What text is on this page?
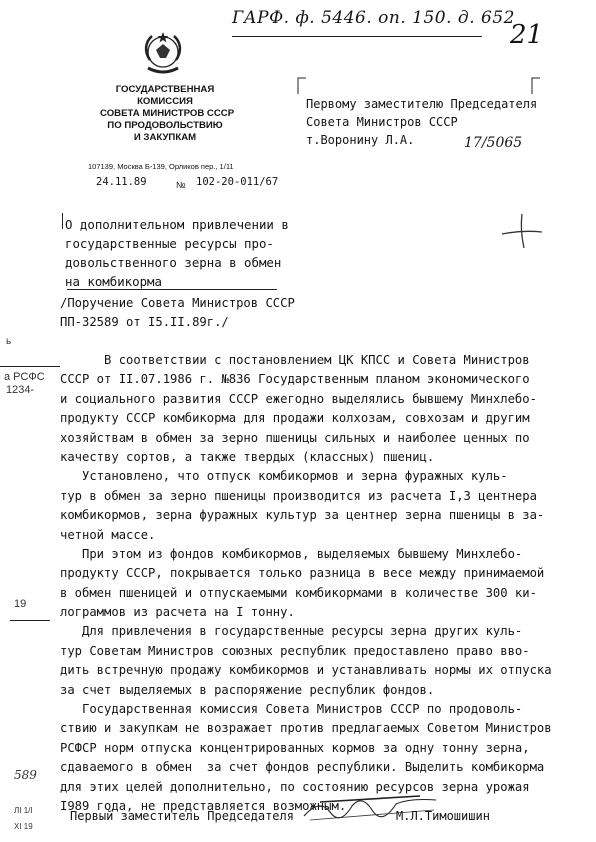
ГАРФ. ф. 5446. оп. 150. д. 652
21
ГОСУДАРСТВЕННАЯ
КОМИССИЯ
СОВЕТА МИНИСТРОВ СССР
ПО ПРОДОВОЛЬСТВИЮ
И ЗАКУПКАМ
107139, Москва Б-139, Орликов пер., 1/11
24.11.89	№ 102-20-011/67
Первому заместителю Председателя
Совета Министров СССР
т.Воронину Л.А.	17/5065
О дополнительном привлечении в
государственные ресурсы про-
довольственного зерна в обмен
на комбикорма
/Поручение Совета Министров СССР
ПП-32589 от I5.II.89г./
ь
а РСФС
1234-
19
589
ЛI 1/I
XI 19
В соответствии с постановлением ЦК КПСС и Совета Министров
СССР от II.07.1986 г. №836 Государственным планом экономического
и социального развития СССР ежегодно выделялись бывшему Минхлебо-
продукту СССР комбикорма для продажи колхозам, совхозам и другим
хозяйствам в обмен за зерно пшеницы сильных и наиболее ценных по
качеству сортов, а также твердых (классных) пшениц.
Установлено, что отпуск комбикормов и зерна фуражных куль-
тур в обмен за зерно пшеницы производится из расчета I,3 центнера
комбикормов, зерна фуражных культур за центнер зерна пшеницы в за-
четной массе.
При этом из фондов комбикормов, выделяемых бывшему Минхлебо-
продукту СССР, покрывается только разница в весе между принимаемой
в обмен пшеницей и отпускаемыми комбикормами в количестве 300 ки-
лограммов из расчета на I тонну.
Для привлечения в государственные ресурсы зерна других куль-
тур Советам Министров союзных республик предоставлено право вво-
дить встречную продажу комбикормов и устанавливать нормы их отпуска
за счет выделяемых в распоряжение республик фондов.
Государственная комиссия Совета Министров СССР по продоволь-
ствию и закупкам не возражает против предлагаемых Советом Министров
РСФСР норм отпуска концентрированных кормов за одну тонну зерна,
сдаваемого в обмен  за счет фондов республики. Выделить комбикорма
для этих целей дополнительно, по состоянию ресурсов зерна урожая
I989 года, не представляется возможным.
Первый заместитель Председателя	М.Л.Тимошишин
